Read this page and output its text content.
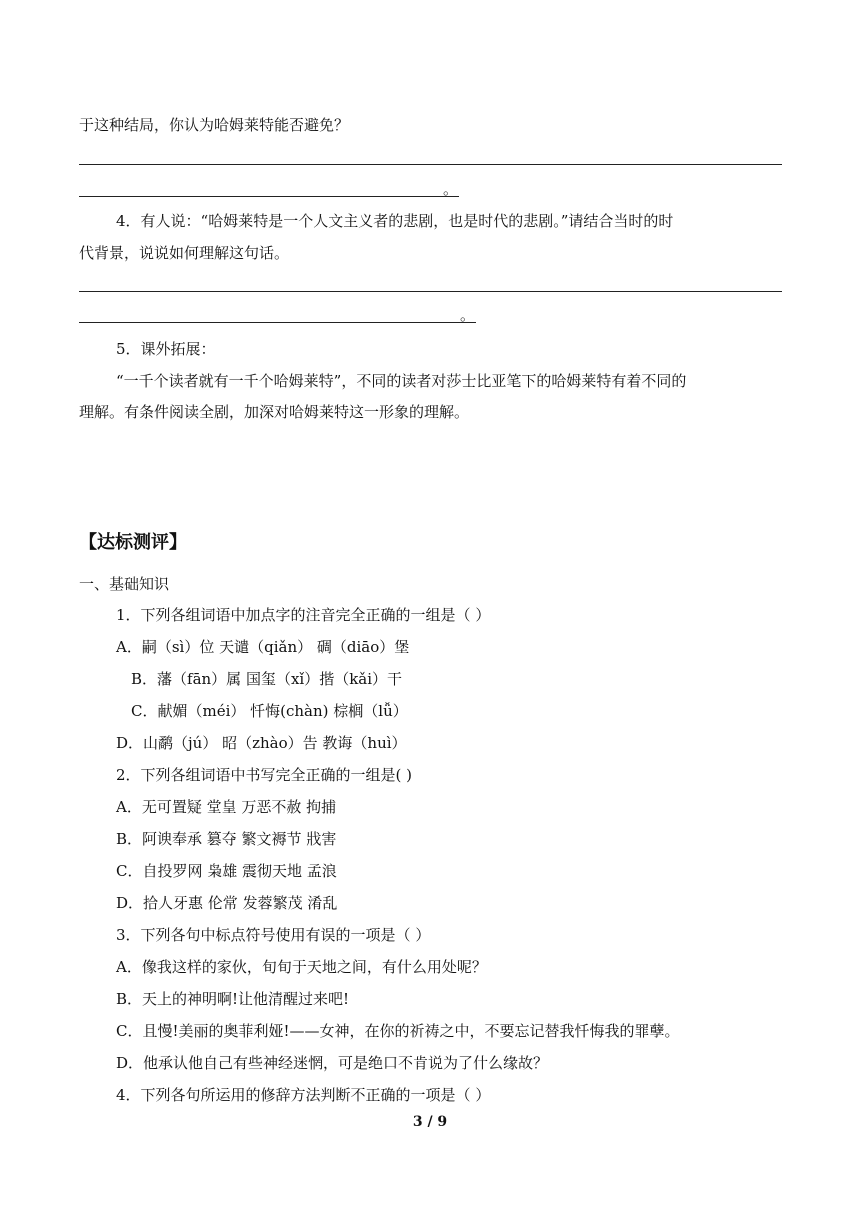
于这种结局，你认为哈姆莱特能否避免？
。
4．有人说：“哈姆莱特是一个人文主义者的悲剧，也是时代的悲剧。”请结合当时的时
代背景，说说如何理解这句话。
。
5．课外拓展：
“一千个读者就有一千个哈姆莱特”，不同的读者对莎士比亚笔下的哈姆莱特有着不同的
理解。有条件阅读全剧，加深对哈姆莱特这一形象的理解。
【达标测评】
一、基础知识
1．下列各组词语中加点字的注音完全正确的一组是（ ）
A．嗣（sì）位 天谴（qiǎn） 碉（diāo）堡
B．藩（fān）属 国玺（xǐ）揩（kǎi）干
C．献媚（méi） 忏悔(chàn) 棕榈（lǚ）
D．山鹬（jú） 昭（zhào）告 教诲（huì）
2．下列各组词语中书写完全正确的一组是( )
A．无可置疑 堂皇 万恶不赦 拘捕
B．阿谀奉承 篡夺 繁文褥节 戕害
C．自投罗网 枭雄 震彻天地 孟浪
D．拾人牙惠 伦常 发蓉繁茂 淆乱
3．下列各句中标点符号使用有误的一项是（ ）
A．像我这样的家伙，旬旬于天地之间，有什么用处呢？
B．天上的神明啊!让他清醒过来吧!
C．且慢!美丽的奥菲利娅!——女神，在你的祈祷之中，不要忘记替我忏悔我的罪孽。
D．他承认他自己有些神经迷惘，可是绝口不肯说为了什么缘故？
4．下列各句所运用的修辞方法判断不正确的一项是（ ）
3 / 9
